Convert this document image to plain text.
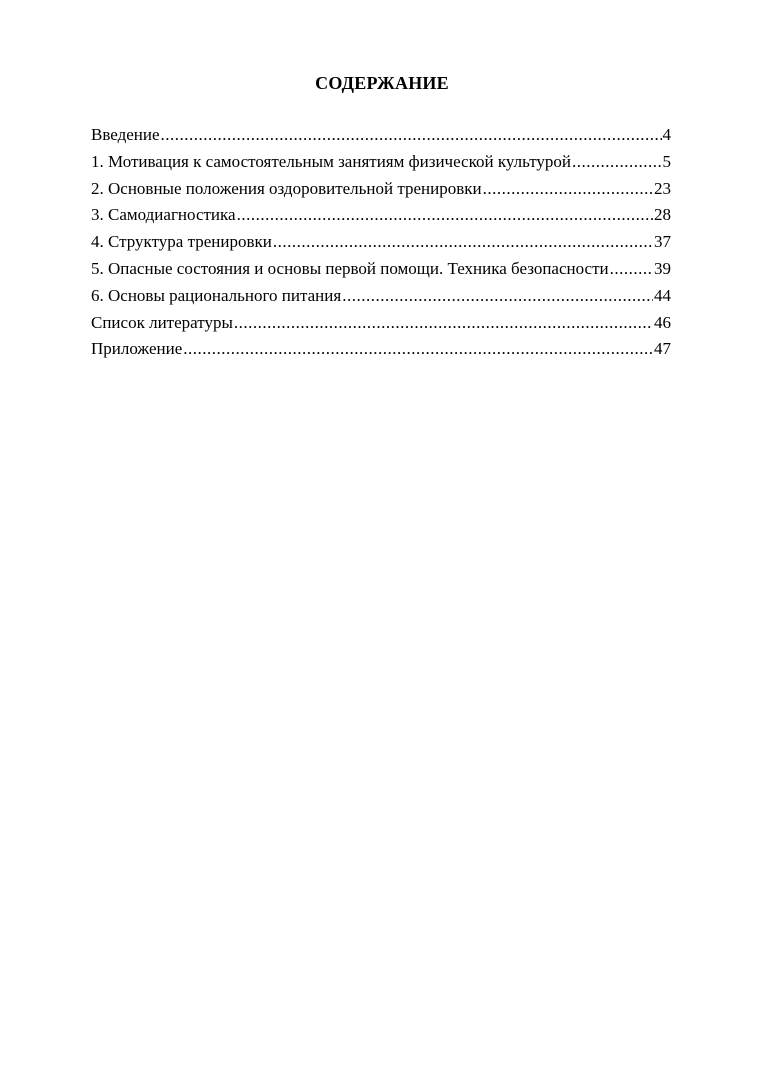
СОДЕРЖАНИЕ
Введение .....	4
1. Мотивация к самостоятельным занятиям физической культурой .....	5
2. Основные положения оздоровительной тренировки .....	23
3. Самодиагностика .....	28
4. Структура тренировки .....	37
5. Опасные состояния и основы первой помощи. Техника безопасности .....	39
6. Основы рационального питания .....	44
Список литературы .....	46
Приложение .....	47
